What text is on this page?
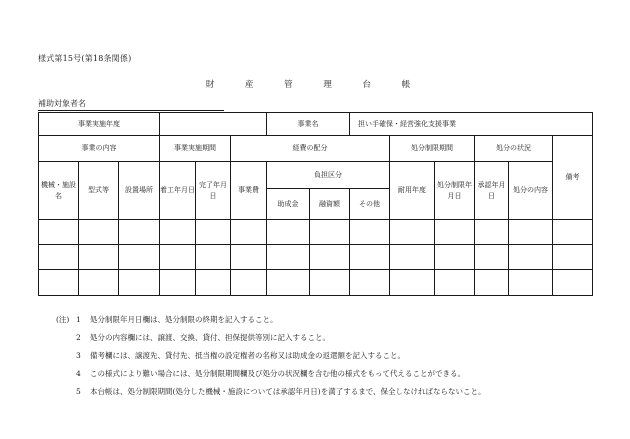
様式第15号(第18条関係)
財 産 管 理 台 帳
補助対象者名
事業実施年度						事業名		担い手確保・経営強化支援事業					
事業の内容			事業実施期間		経費の配分				処分制限期間		処分の状況		備考
機械・施設名	型式等	設置場所	着工年月日	完了年月日	事業費	負担区分			耐用年度	処分制限年月日	承認年月日	処分の内容	
						助成金	融資額	その他					

(注) 1	処分制限年月日欄は、処分制限の終期を記入すること。
2	処分の内容欄には、譲渡、交換、貸付、担保提供等別に記入すること。
3	備考欄には、譲渡先、貸付先、抵当権の設定権者の名称又は助成金の返還額を記入すること。
4	この様式により難い場合には、処分制限期間欄及び処分の状況欄を含む他の様式をもって代えることができる。
5	本台帳は、処分制限期間(処分した機械・施設については承認年月日)を満了するまで、保全しなければならないこと。
